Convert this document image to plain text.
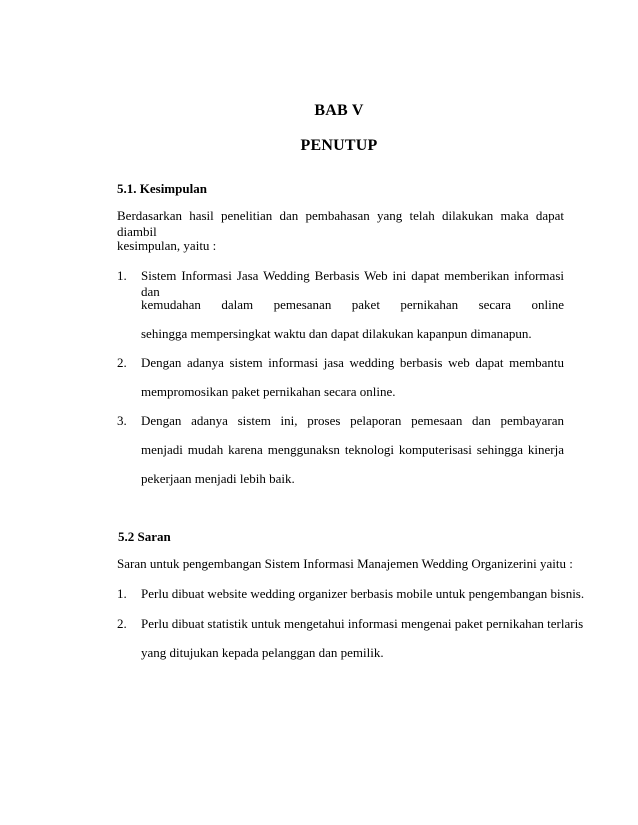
BAB V
PENUTUP
5.1. Kesimpulan
Berdasarkan hasil penelitian dan pembahasan yang telah dilakukan maka dapat diambil
kesimpulan, yaitu :
1. Sistem Informasi Jasa Wedding Berbasis Web ini dapat memberikan informasi dan
kemudahan dalam pemesanan paket pernikahan secara online
sehingga mempersingkat waktu dan dapat dilakukan kapanpun dimanapun.
2. Dengan adanya sistem informasi jasa wedding berbasis web dapat membantu
mempromosikan paket pernikahan secara online.
3. Dengan adanya sistem ini, proses pelaporan pemesaan dan pembayaran
menjadi mudah karena menggunaksn teknologi komputerisasi sehingga kinerja
pekerjaan menjadi lebih baik.
5.2 Saran
Saran untuk pengembangan Sistem Informasi Manajemen Wedding Organizerini yaitu :
1. Perlu dibuat website wedding organizer berbasis mobile untuk pengembangan bisnis.
2. Perlu dibuat statistik untuk mengetahui informasi mengenai paket pernikahan terlaris
yang ditujukan kepada pelanggan dan pemilik.
